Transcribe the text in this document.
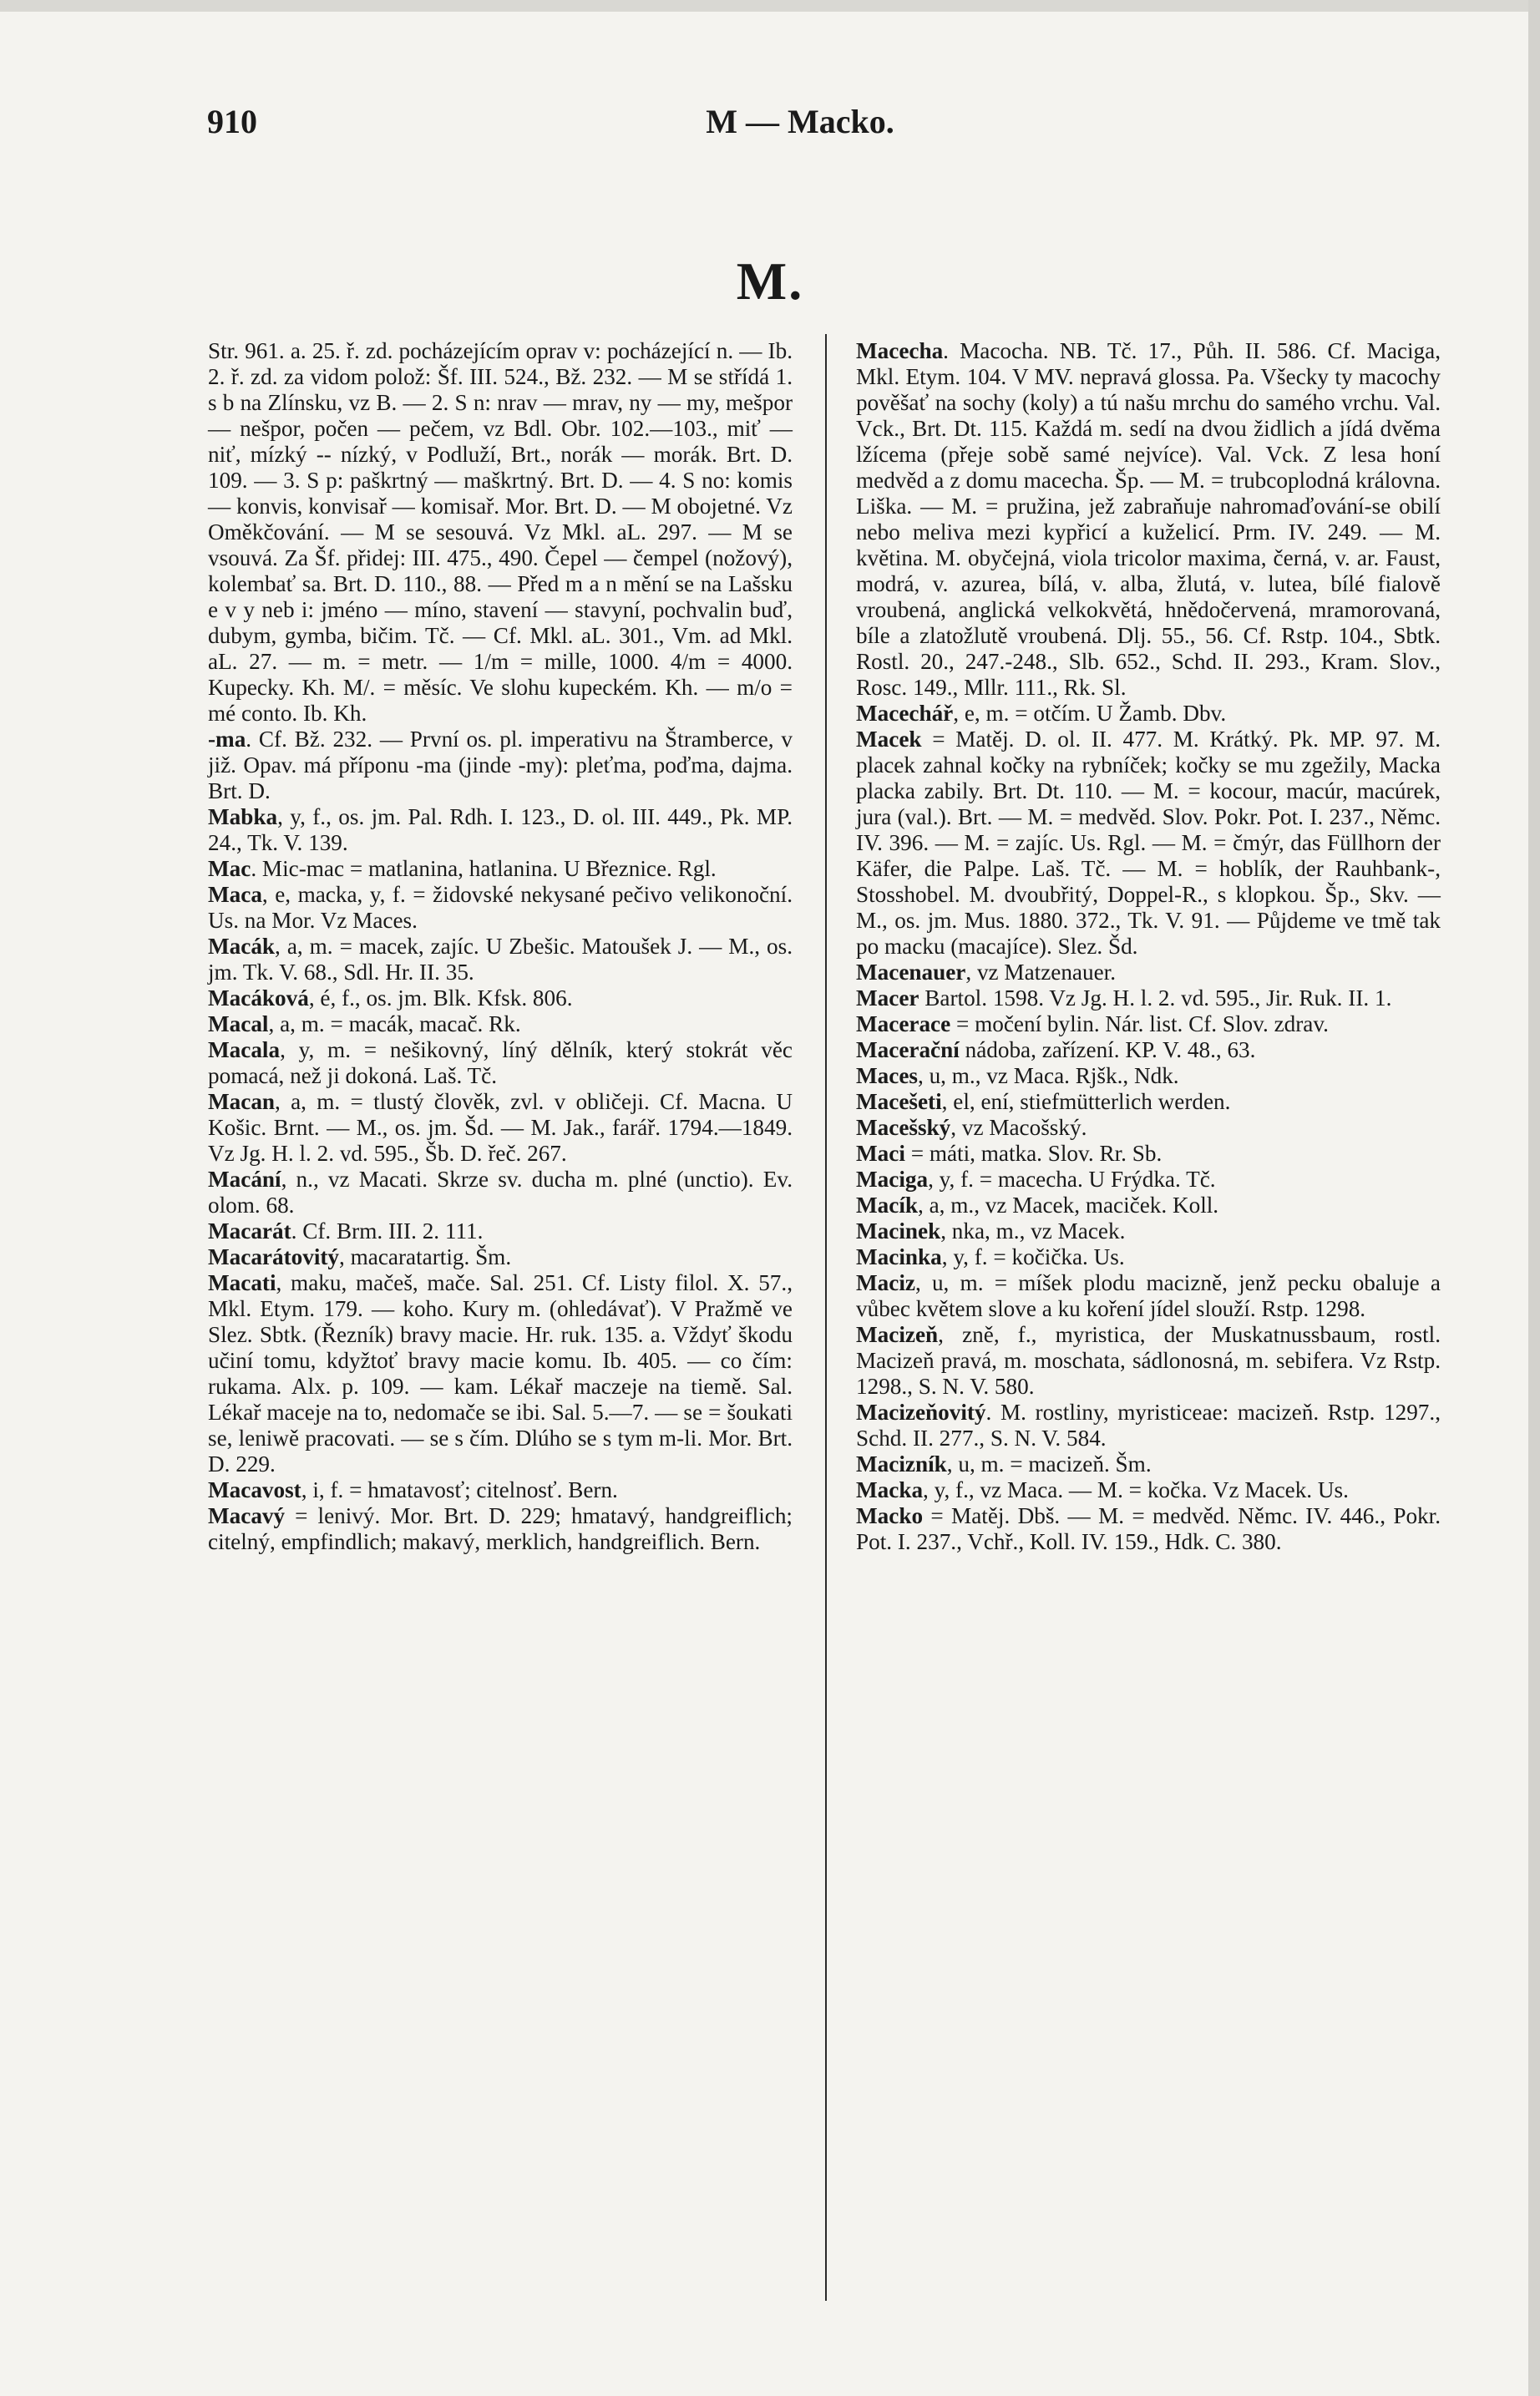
910	M — Macko.
M.

Str. 961. a. 25. ř. zd. pocházejícím oprav v: pocházející n. — Ib. 2. ř. zd. za vidom polož: Šf. III. 524., Bž. 232. — M se střídá 1. s b na Zlínsku, vz B. — 2. S n: nrav — mrav, ny — my, mešpor — nešpor, počen — pečem, vz Bdl. Obr. 102.—103., miť — niť, mízký -- nízký, v Podluží, Brt., norák — morák. Brt. D. 109. — 3. S p: paškrtný — maškrtný. Brt. D. — 4. S no: komis — konvis, konvisař — komisař. Mor. Brt. D. — M obojetné. Vz Oměkčování. — M se sesouvá. Vz Mkl. aL. 297. — M se vsouvá. Za Šf. přidej: III. 475., 490. Čepel — čempel (nožový), kolembať sa. Brt. D. 110., 88. — Před m a n mění se na Lašsku e v y neb i: jméno — míno, stavení — stavyní, pochvalin buď, dubym, gymba, bičim. Tč. — Cf. Mkl. aL. 301., Vm. ad Mkl. aL. 27. — m. = metr. — 1/m = mille, 1000. 4/m = 4000. Kupecky. Kh. M/. = měsíc. Ve slohu kupeckém. Kh. — m/o = mé conto. Ib. Kh.

-ma. Cf. Bž. 232. — První os. pl. imperativu na Štramberce, v již. Opav. má příponu -ma (jinde -my): pleťma, poďma, dajma. Brt. D.

Mabka, y, f., os. jm. Pal. Rdh. I. 123., D. ol. III. 449., Pk. MP. 24., Tk. V. 139.

Mac. Mic-mac = matlanina, hatlanina. U Březnice. Rgl.

Maca, e, macka, y, f. = židovské nekysané pečivo velikonoční. Us. na Mor. Vz Maces.

Macák, a, m. = macek, zajíc. U Zbešic. Matoušek J. — M., os. jm. Tk. V. 68., Sdl. Hr. II. 35.

Macáková, é, f., os. jm. Blk. Kfsk. 806.

Macal, a, m. = macák, macač. Rk.

Macala, y, m. = nešikovný, líný dělník, který stokrát věc pomacá, než ji dokoná. Laš. Tč.

Macan, a, m. = tlustý člověk, zvl. v obličeji. Cf. Macna. U Košic. Brnt. — M., os. jm. Šd. — M. Jak., farář. 1794.—1849. Vz Jg. H. l. 2. vd. 595., Šb. D. řeč. 267.

Macání, n., vz Macati. Skrze sv. ducha m. plné (unctio). Ev. olom. 68.

Macarát. Cf. Brm. III. 2. 111.

Macarátovitý, macaratartig. Šm.

Macati, maku, mačeš, mače. Sal. 251. Cf. Listy filol. X. 57., Mkl. Etym. 179. — koho. Kury m. (ohledávať). V Pražmě ve Slez. Sbtk. (Řezník) bravy macie. Hr. ruk. 135. a. Vždyť škodu učiní tomu, kdyžtoť bravy macie komu. Ib. 405. — co čím: rukama. Alx. p. 109. — kam. Lékař maczeje na tiemě. Sal. Lékař maceje na to, nedomače se ibi. Sal. 5.—7. — se = šoukati se, leniwě pracovati. — se s čím. Dlúho se s tym m-li. Mor. Brt. D. 229.

Macavost, i, f. = hmatavosť; citelnosť. Bern.

Macavý = lenivý. Mor. Brt. D. 229; hmatavý, handgreiflich; citelný, empfindlich; makavý, merklich, handgreiflich. Bern.

Macecha. Macocha. NB. Tč. 17., Půh. II. 586. Cf. Maciga, Mkl. Etym. 104. V MV. nepravá glossa. Pa. Všecky ty macochy pověšať na sochy (koly) a tú našu mrchu do samého vrchu. Val. Vck., Brt. Dt. 115. Každá m. sedí na dvou židlich a jídá dvěma lžícema (přeje sobě samé nejvíce). Val. Vck. Z lesa honí medvěd a z domu macecha. Šp. — M. = trubcoplodná královna. Liška. — M. = pružina, jež zabraňuje nahromaďování-se obilí nebo meliva mezi kypřicí a kuželicí. Prm. IV. 249. — M. květina. M. obyčejná, viola tricolor maxima, černá, v. ar. Faust, modrá, v. azurea, bílá, v. alba, žlutá, v. lutea, bílé fialově vroubená, anglická velkokvětá, hnědočervená, mramorovaná, bíle a zlatožlutě vroubená. Dlj. 55., 56. Cf. Rstp. 104., Sbtk. Rostl. 20., 247.-248., Slb. 652., Schd. II. 293., Kram. Slov., Rosc. 149., Mllr. 111., Rk. Sl.

Macechář, e, m. = otčím. U Žamb. Dbv.

Macek = Matěj. D. ol. II. 477. M. Krátký. Pk. MP. 97. M. placek zahnal kočky na rybníček; kočky se mu zgežily, Macka placka zabily. Brt. Dt. 110. — M. = kocour, macúr, macúrek, jura (val.). Brt. — M. = medvěd. Slov. Pokr. Pot. I. 237., Němc. IV. 396. — M. = zajíc. Us. Rgl. — M. = čmýr, das Füllhorn der Käfer, die Palpe. Laš. Tč. — M. = hoblík, der Rauhbank-, Stosshobel. M. dvoubřitý, Doppel-R., s klopkou. Šp., Skv. — M., os. jm. Mus. 1880. 372., Tk. V. 91. — Půjdeme ve tmě tak po macku (macajíce). Slez. Šd.

Macenauer, vz Matzenauer.

Macer Bartol. 1598. Vz Jg. H. l. 2. vd. 595., Jir. Ruk. II. 1.

Macerace = močení bylin. Nár. list. Cf. Slov. zdrav.

Macerační nádoba, zařízení. KP. V. 48., 63.

Maces, u, m., vz Maca. Rjšk., Ndk.

Macešeti, el, ení, stiefmütterlich werden.

Macešský, vz Macošský.

Maci = máti, matka. Slov. Rr. Sb.

Maciga, y, f. = macecha. U Frýdka. Tč.

Macík, a, m., vz Macek, maciček. Koll.

Macinek, nka, m., vz Macek.

Macinka, y, f. = kočička. Us.

Maciz, u, m. = míšek plodu macizně, jenž pecku obaluje a vůbec květem slove a ku koření jídel slouží. Rstp. 1298.

Macizeň, zně, f., myristica, der Muskatnussbaum, rostl. Macizeň pravá, m. moschata, sádlonosná, m. sebifera. Vz Rstp. 1298., S. N. V. 580.

Macizeňovitý. M. rostliny, myristiceae: macizeň. Rstp. 1297., Schd. II. 277., S. N. V. 584.

Macizník, u, m. = macizeň. Šm.

Macka, y, f., vz Maca. — M. = kočka. Vz Macek. Us.

Macko = Matěj. Dbš. — M. = medvěd. Němc. IV. 446., Pokr. Pot. I. 237., Vchř., Koll. IV. 159., Hdk. C. 380.
